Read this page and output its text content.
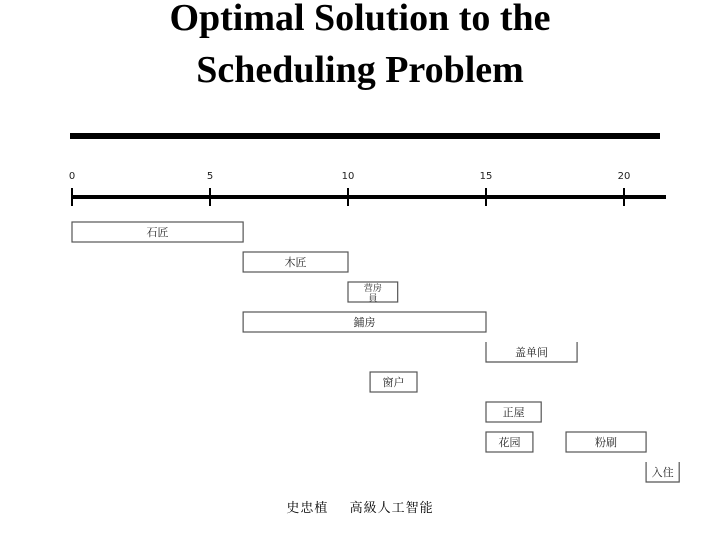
Optimal Solution to the
Scheduling Problem
0	5	10	15	20
石匠
木匠
营房
員
鋪房
盖单间
窗户
正屋
花园	粉刷
入住
史忠植 高級人工智能
